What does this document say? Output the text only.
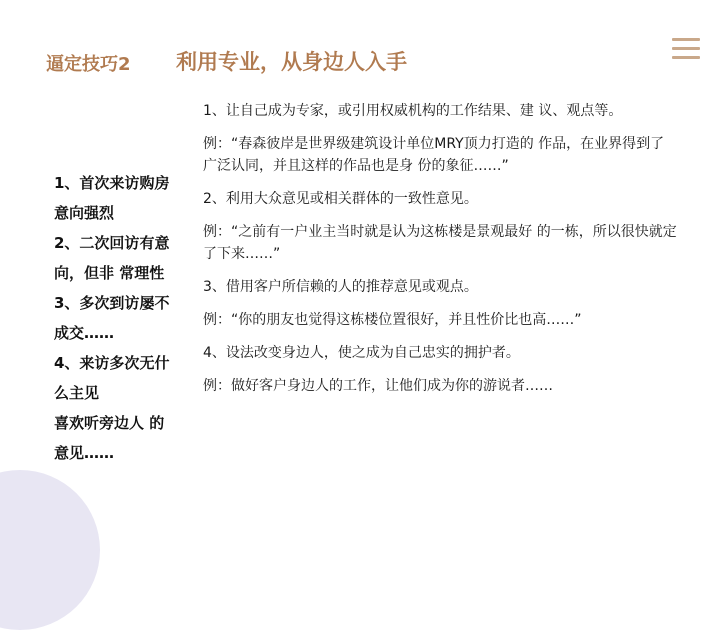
逼定技巧2 利用专业，从身边人入手
1、首次来访购房意向强烈
2、二次回访有意向，但非 常理性
3、多次到访屡不成交……
4、来访多次无什么主见
喜欢听旁边人 的意见……

1、让自己成为专家，或引用权威机构的工作结果、建 议、观点等。

例：“春森彼岸是世界级建筑设计单位MRY顶力打造的 作品，在业界得到了广泛认同，并且这样的作品也是身 份的象征……”

2、利用大众意见或相关群体的一致性意见。

例：“之前有一户业主当时就是认为这栋楼是景观最好 的一栋，所以很快就定了下来……”

3、借用客户所信赖的人的推荐意见或观点。

例：“你的朋友也觉得这栋楼位置很好，并且性价比也高……”

4、设法改变身边人，使之成为自己忠实的拥护者。

例：做好客户身边人的工作，让他们成为你的游说者……
